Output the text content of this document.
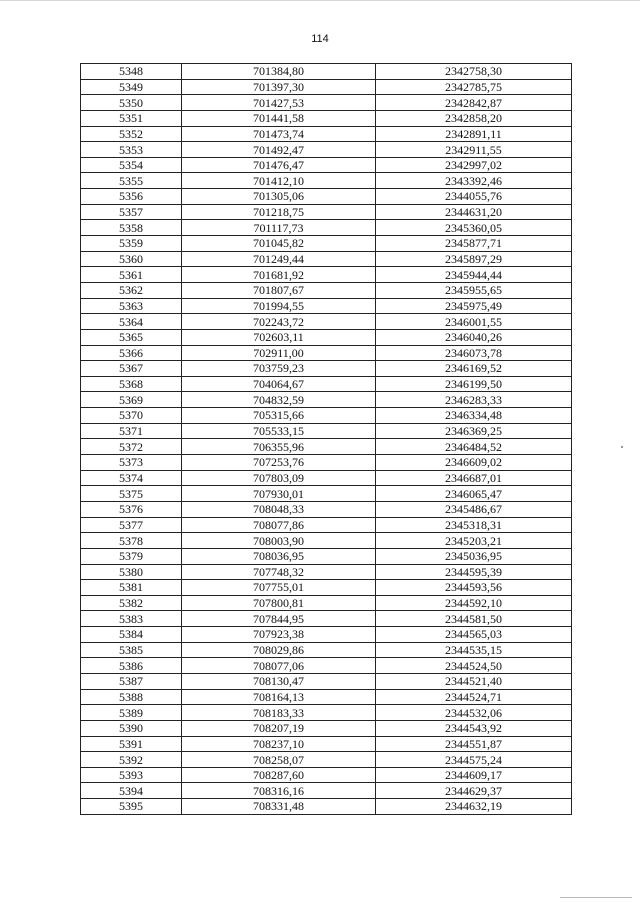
114
5348	701384,80	2342758,30
5349	701397,30	2342785,75
5350	701427,53	2342842,87
5351	701441,58	2342858,20
5352	701473,74	2342891,11
5353	701492,47	2342911,55
5354	701476,47	2342997,02
5355	701412,10	2343392,46
5356	701305,06	2344055,76
5357	701218,75	2344631,20
5358	701117,73	2345360,05
5359	701045,82	2345877,71
5360	701249,44	2345897,29
5361	701681,92	2345944,44
5362	701807,67	2345955,65
5363	701994,55	2345975,49
5364	702243,72	2346001,55
5365	702603,11	2346040,26
5366	702911,00	2346073,78
5367	703759,23	2346169,52
5368	704064,67	2346199,50
5369	704832,59	2346283,33
5370	705315,66	2346334,48
5371	705533,15	2346369,25
5372	706355,96	2346484,52
5373	707253,76	2346609,02
5374	707803,09	2346687,01
5375	707930,01	2346065,47
5376	708048,33	2345486,67
5377	708077,86	2345318,31
5378	708003,90	2345203,21
5379	708036,95	2345036,95
5380	707748,32	2344595,39
5381	707755,01	2344593,56
5382	707800,81	2344592,10
5383	707844,95	2344581,50
5384	707923,38	2344565,03
5385	708029,86	2344535,15
5386	708077,06	2344524,50
5387	708130,47	2344521,40
5388	708164,13	2344524,71
5389	708183,33	2344532,06
5390	708207,19	2344543,92
5391	708237,10	2344551,87
5392	708258,07	2344575,24
5393	708287,60	2344609,17
5394	708316,16	2344629,37
5395	708331,48	2344632,19
